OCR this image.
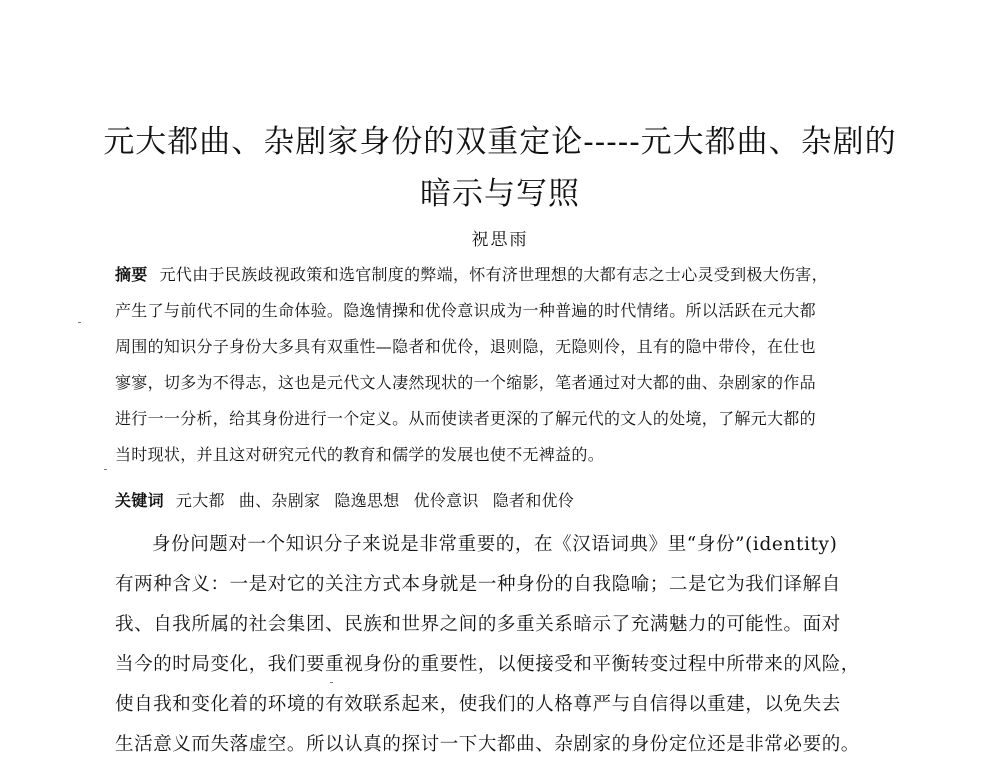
元大都曲、杂剧家身份的双重定论-----元大都曲、杂剧的
暗示与写照
祝思雨
摘要 元代由于民族歧视政策和选官制度的弊端，怀有济世理想的大都有志之士心灵受到极大伤害，
产生了与前代不同的生命体验。隐逸情操和优伶意识成为一种普遍的时代情绪。所以活跃在元大都
周围的知识分子身份大多具有双重性—隐者和优伶，退则隐，无隐则伶，且有的隐中带伶，在仕也
寥寥，切多为不得志，这也是元代文人凄然现状的一个缩影，笔者通过对大都的曲、杂剧家的作品
进行一一分析，给其身份进行一个定义。从而使读者更深的了解元代的文人的处境，了解元大都的
当时现状，并且这对研究元代的教育和儒学的发展也使不无裨益的。
关键词 元大都 曲、杂剧家 隐逸思想 优伶意识 隐者和优伶
身份问题对一个知识分子来说是非常重要的，在《汉语词典》里“身份”(identity)
有两种含义：一是对它的关注方式本身就是一种身份的自我隐喻；二是它为我们译解自
我、自我所属的社会集团、民族和世界之间的多重关系暗示了充满魅力的可能性。面对
当今的时局变化，我们要重视身份的重要性，以便接受和平衡转变过程中所带来的风险，
使自我和变化着的环境的有效联系起来，使我们的人格尊严与自信得以重建，以免失去
生活意义而失落虚空。所以认真的探讨一下大都曲、杂剧家的身份定位还是非常必要的。
